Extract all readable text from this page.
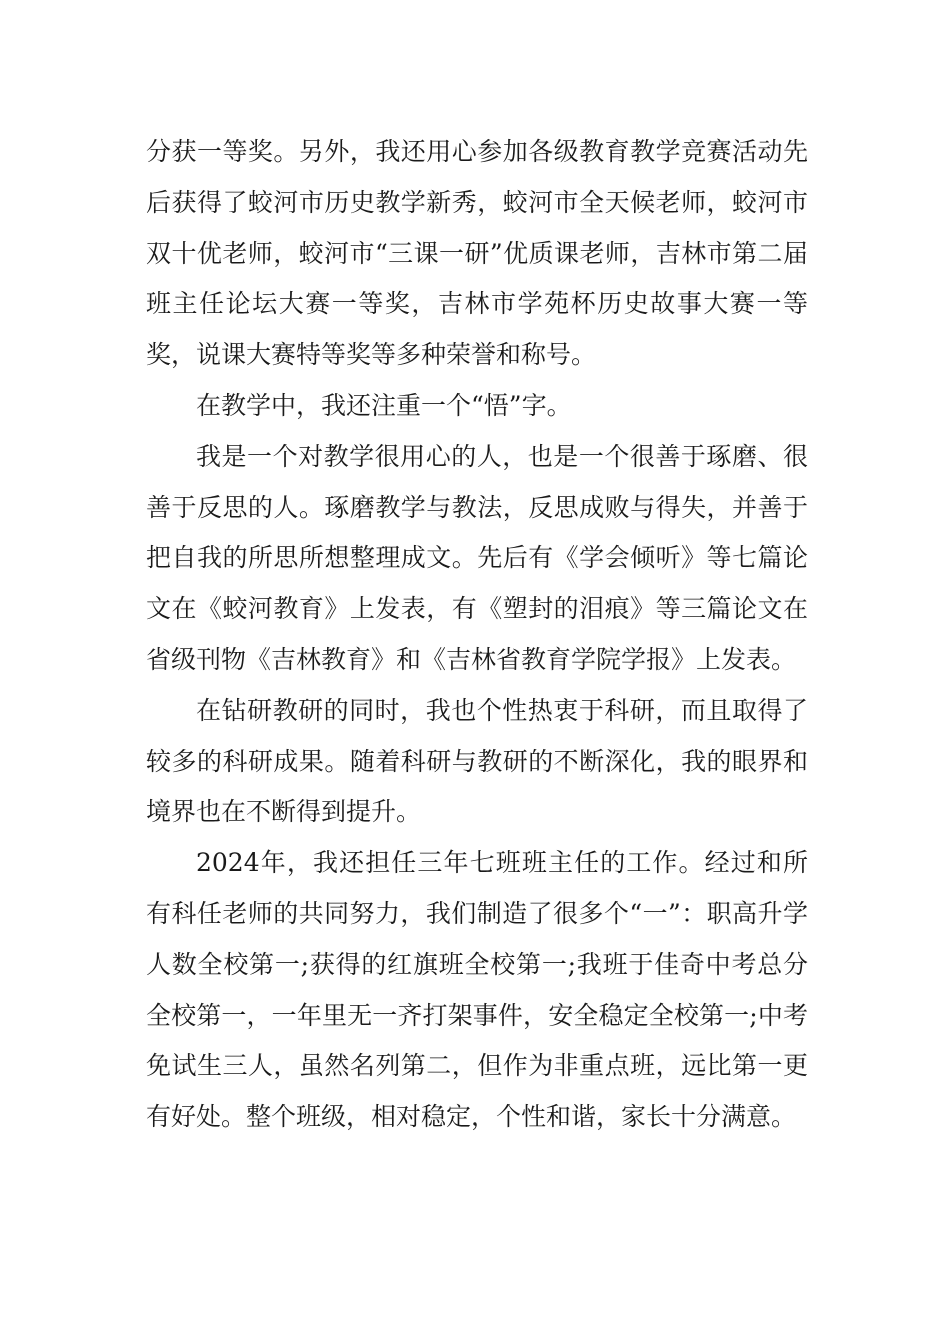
分获一等奖。另外，我还用心参加各级教育教学竞赛活动先后获得了蛟河市历史教学新秀，蛟河市全天候老师，蛟河市双十优老师，蛟河市“三课一研”优质课老师，吉林市第二届班主任论坛大赛一等奖，吉林市学苑杯历史故事大赛一等奖，说课大赛特等奖等多种荣誉和称号。

在教学中，我还注重一个“悟”字。

我是一个对教学很用心的人，也是一个很善于琢磨、很善于反思的人。琢磨教学与教法，反思成败与得失，并善于把自我的所思所想整理成文。先后有《学会倾听》等七篇论文在《蛟河教育》上发表，有《塑封的泪痕》等三篇论文在省级刊物《吉林教育》和《吉林省教育学院学报》上发表。

在钻研教研的同时，我也个性热衷于科研，而且取得了较多的科研成果。随着科研与教研的不断深化，我的眼界和境界也在不断得到提升。

2024年，我还担任三年七班班主任的工作。经过和所有科任老师的共同努力，我们制造了很多个“一”：职高升学人数全校第一;获得的红旗班全校第一;我班于佳奇中考总分全校第一，一年里无一齐打架事件，安全稳定全校第一;中考免试生三人，虽然名列第二，但作为非重点班，远比第一更有好处。整个班级，相对稳定，个性和谐，家长十分满意。
